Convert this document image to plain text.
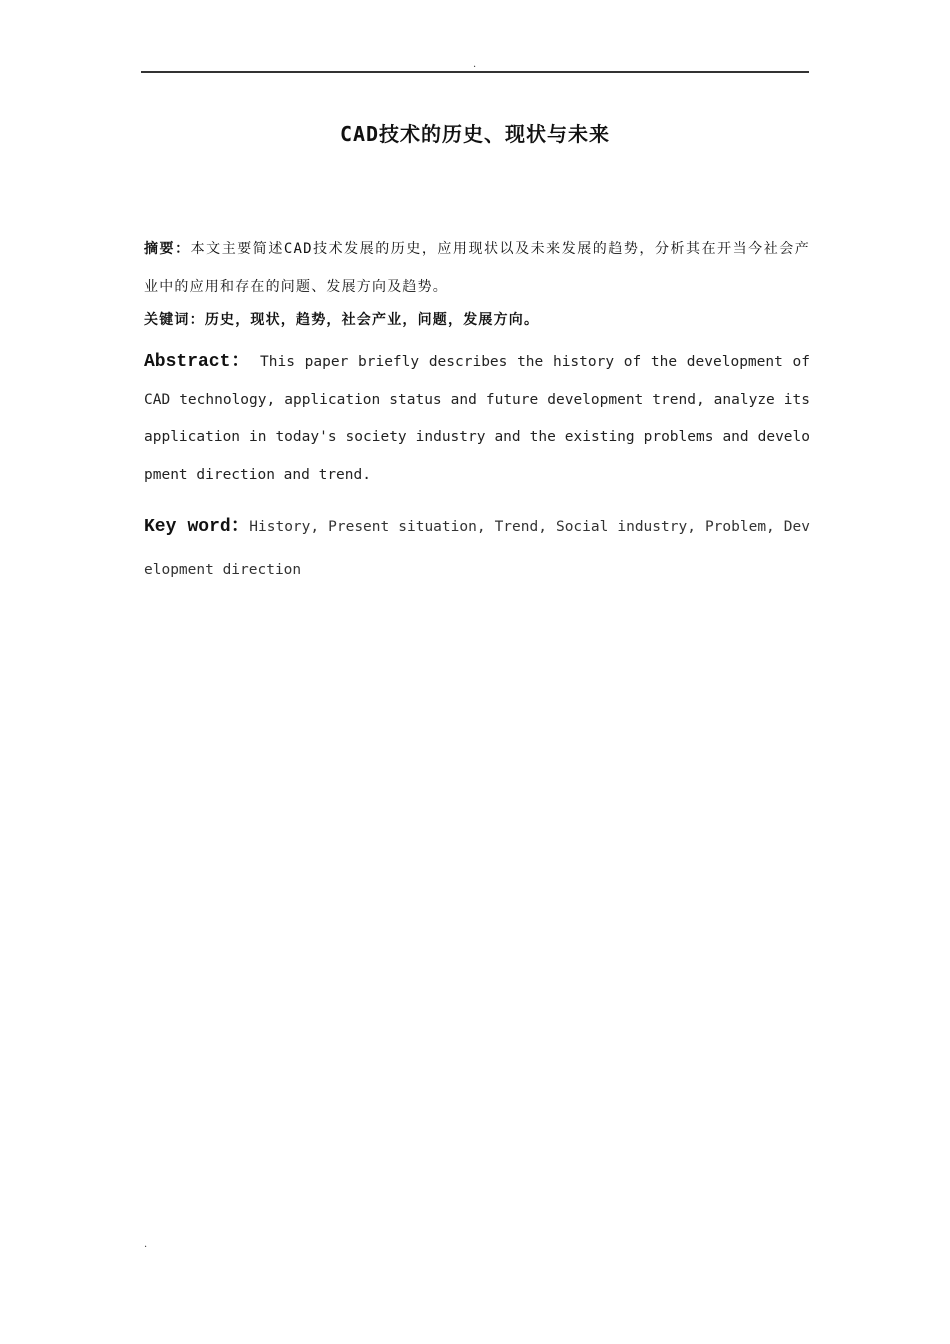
.
CAD技术的历史、现状与未来
摘要：本文主要简述CAD技术发展的历史，应用现状以及未来发展的趋势，分析其在开当今社会产业中的应用和存在的问题、发展方向及趋势。
关键词：历史，现状，趋势，社会产业，问题，发展方向。
Abstract： This paper briefly describes the history of the development of CAD technology, application status and future development trend, analyze its application in today's society industry and the existing problems and development direction and trend.
Key word：History, Present situation, Trend, Social industry, Problem, Development direction
.
